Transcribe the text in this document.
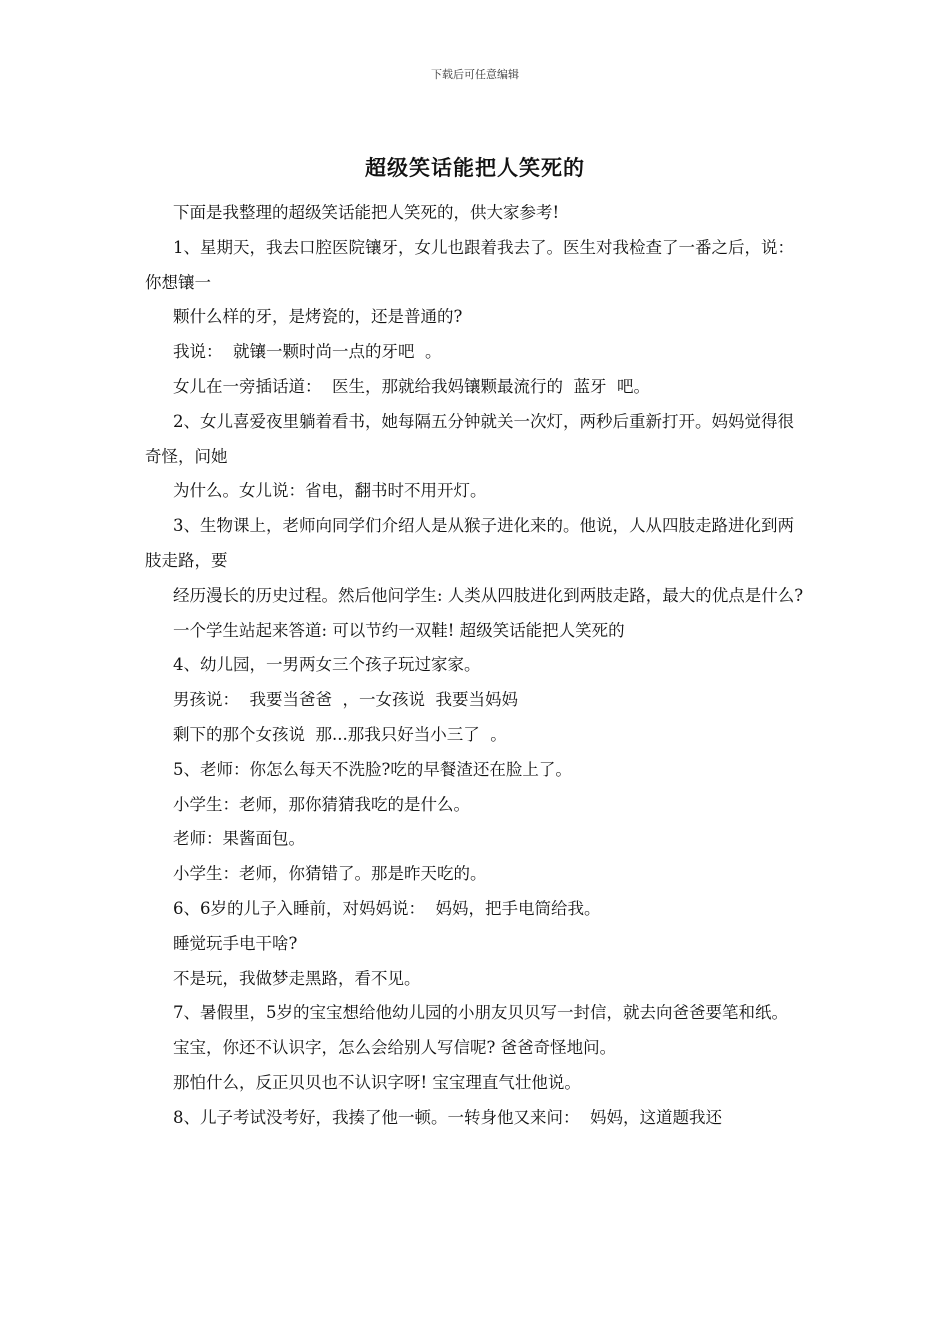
下载后可任意编辑
超级笑话能把人笑死的

下面是我整理的超级笑话能把人笑死的，供大家参考!

1、星期天，我去口腔医院镶牙，女儿也跟着我去了。医生对我检查了一番之后，说：  你想镶一

颗什么样的牙，是烤瓷的，还是普通的?

我说：  就镶一颗时尚一点的牙吧  。

女儿在一旁插话道：  医生，那就给我妈镶颗最流行的  蓝牙  吧。

2、女儿喜爱夜里躺着看书，她每隔五分钟就关一次灯，两秒后重新打开。妈妈觉得很奇怪，问她

为什么。女儿说：省电，翻书时不用开灯。

3、生物课上，老师向同学们介绍人是从猴子进化来的。他说，人从四肢走路进化到两肢走路，要

经历漫长的历史过程。然后他问学生: 人类从四肢进化到两肢走路，最大的优点是什么?

一个学生站起来答道: 可以节约一双鞋! 超级笑话能把人笑死的

4、幼儿园，一男两女三个孩子玩过家家。

男孩说：  我要当爸爸  ，一女孩说  我要当妈妈

剩下的那个女孩说  那...那我只好当小三了  。

5、老师：你怎么每天不洗脸?吃的早餐渣还在脸上了。

小学生：老师，那你猜猜我吃的是什么。

老师：果酱面包。

小学生：老师，你猜错了。那是昨天吃的。

6、6岁的儿子入睡前，对妈妈说：  妈妈，把手电筒给我。

睡觉玩手电干啥?

不是玩，我做梦走黑路，看不见。

7、暑假里，5岁的宝宝想给他幼儿园的小朋友贝贝写一封信，就去向爸爸要笔和纸。

宝宝，你还不认识字，怎么会给别人写信呢? 爸爸奇怪地问。

那怕什么，反正贝贝也不认识字呀! 宝宝理直气壮他说。

8、儿子考试没考好，我揍了他一顿。一转身他又来问：  妈妈，这道题我还
